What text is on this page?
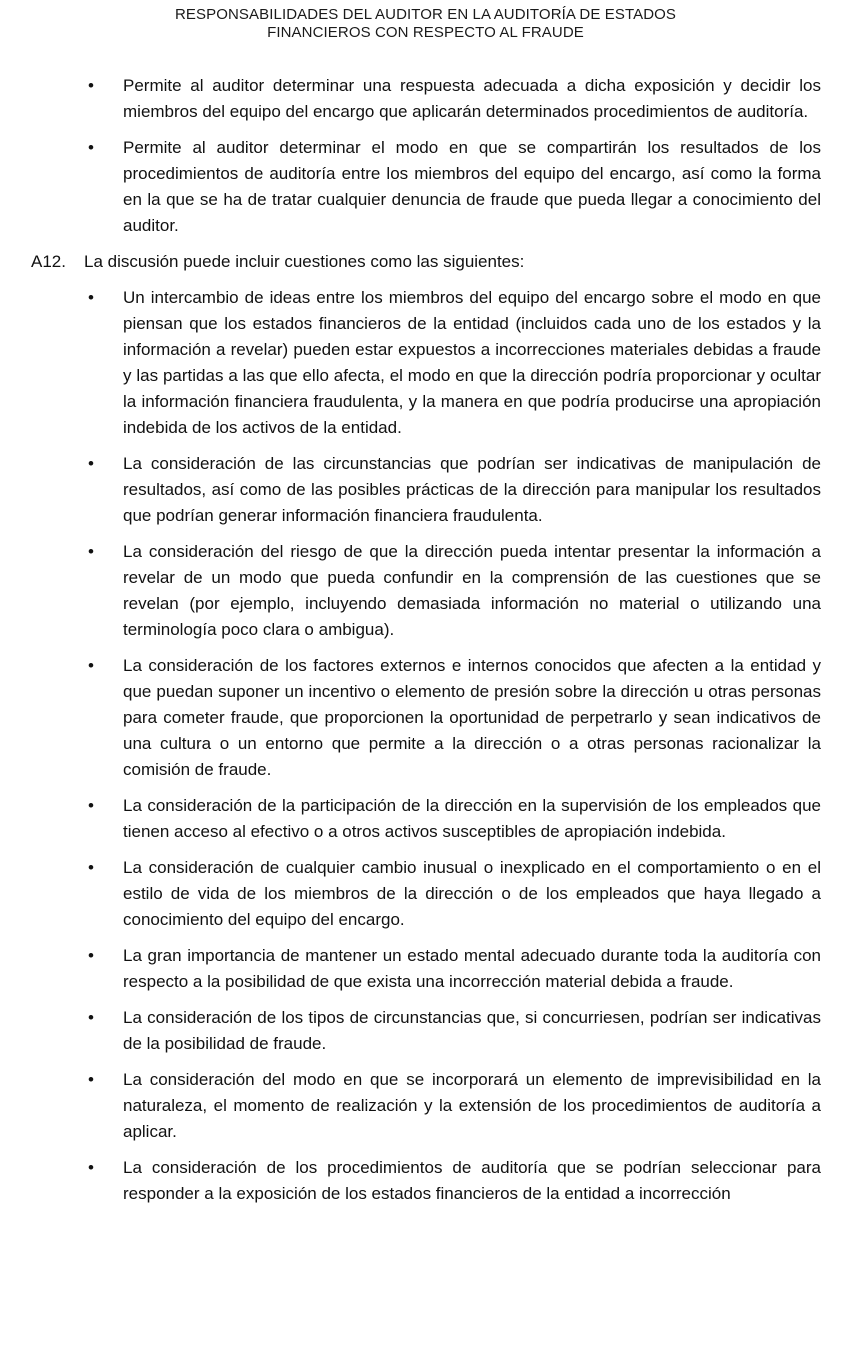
RESPONSABILIDADES DEL AUDITOR EN LA AUDITORÍA DE ESTADOS
FINANCIEROS CON RESPECTO AL FRAUDE
• Permite al auditor determinar una respuesta adecuada a dicha exposición y decidir los miembros del equipo del encargo que aplicarán determinados procedimientos de auditoría.
• Permite al auditor determinar el modo en que se compartirán los resultados de los procedimientos de auditoría entre los miembros del equipo del encargo, así como la forma en la que se ha de tratar cualquier denuncia de fraude que pueda llegar a conocimiento del auditor.
A12. La discusión puede incluir cuestiones como las siguientes:
• Un intercambio de ideas entre los miembros del equipo del encargo sobre el modo en que piensan que los estados financieros de la entidad (incluidos cada uno de los estados y la información a revelar) pueden estar expuestos a incorrecciones materiales debidas a fraude y las partidas a las que ello afecta, el modo en que la dirección podría proporcionar y ocultar la información financiera fraudulenta, y la manera en que podría producirse una apropiación indebida de los activos de la entidad.
• La consideración de las circunstancias que podrían ser indicativas de manipulación de resultados, así como de las posibles prácticas de la dirección para manipular los resultados que podrían generar información financiera fraudulenta.
• La consideración del riesgo de que la dirección pueda intentar presentar la información a revelar de un modo que pueda confundir en la comprensión de las cuestiones que se revelan (por ejemplo, incluyendo demasiada información no material o utilizando una terminología poco clara o ambigua).
• La consideración de los factores externos e internos conocidos que afecten a la entidad y que puedan suponer un incentivo o elemento de presión sobre la dirección u otras personas para cometer fraude, que proporcionen la oportunidad de perpetrarlo y sean indicativos de una cultura o un entorno que permite a la dirección o a otras personas racionalizar la comisión de fraude.
• La consideración de la participación de la dirección en la supervisión de los empleados que tienen acceso al efectivo o a otros activos susceptibles de apropiación indebida.
• La consideración de cualquier cambio inusual o inexplicado en el comportamiento o en el estilo de vida de los miembros de la dirección o de los empleados que haya llegado a conocimiento del equipo del encargo.
• La gran importancia de mantener un estado mental adecuado durante toda la auditoría con respecto a la posibilidad de que exista una incorrección material debida a fraude.
• La consideración de los tipos de circunstancias que, si concurriesen, podrían ser indicativas de la posibilidad de fraude.
• La consideración del modo en que se incorporará un elemento de imprevisibilidad en la naturaleza, el momento de realización y la extensión de los procedimientos de auditoría a aplicar.
• La consideración de los procedimientos de auditoría que se podrían seleccionar para responder a la exposición de los estados financieros de la entidad a incorrección
